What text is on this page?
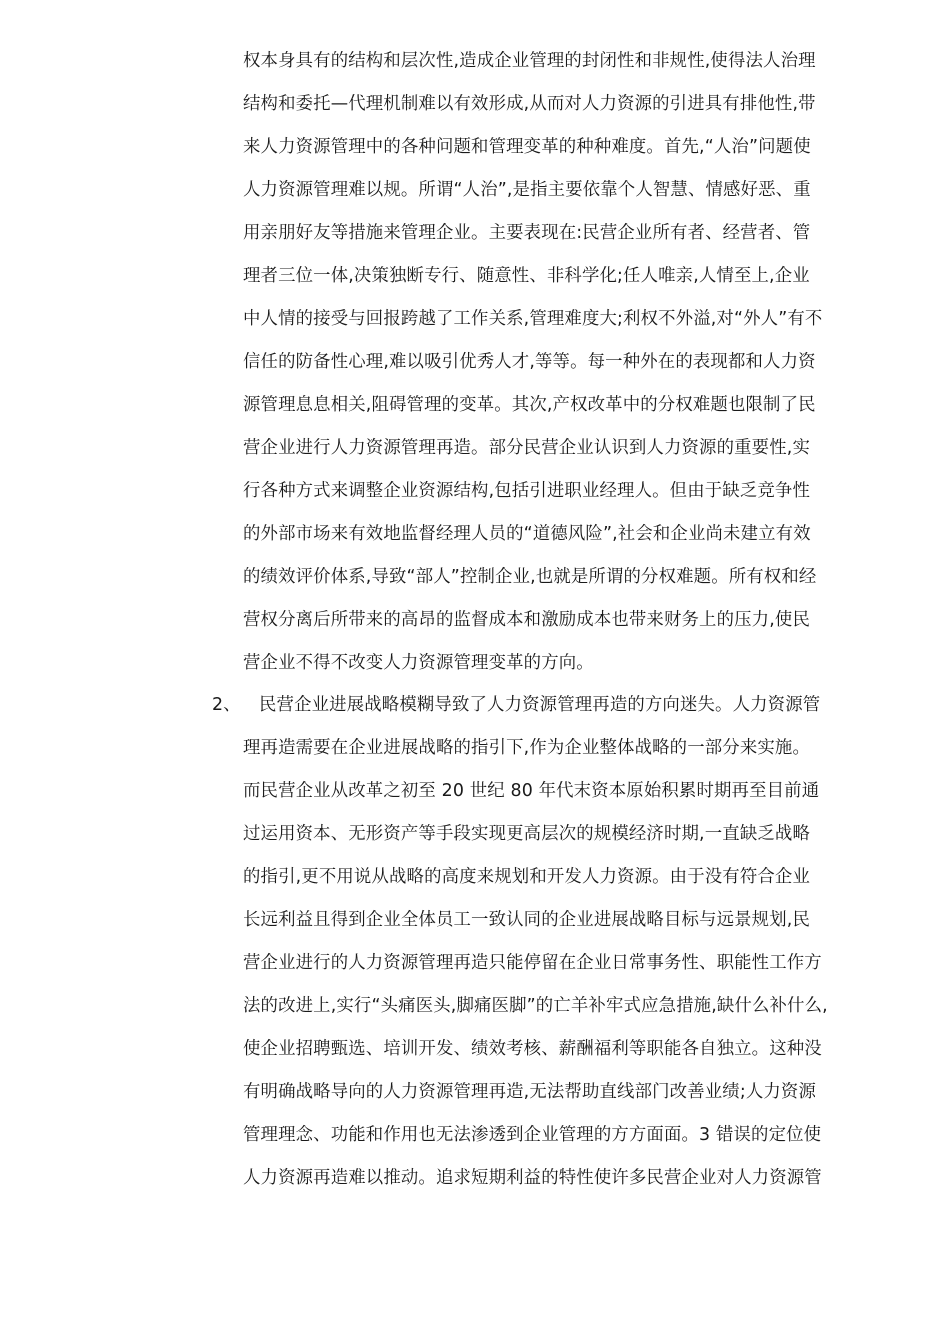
权本身具有的结构和层次性,造成企业管理的封闭性和非规性,使得法人治理
结构和委托—代理机制难以有效形成,从而对人力资源的引进具有排他性,带
来人力资源管理中的各种问题和管理变革的种种难度。首先,“人治”问题使
人力资源管理难以规。所谓“人治”,是指主要依靠个人智慧、情感好恶、重
用亲朋好友等措施来管理企业。主要表现在:民营企业所有者、经营者、管
理者三位一体,决策独断专行、随意性、非科学化;任人唯亲,人情至上,企业
中人情的接受与回报跨越了工作关系,管理难度大;利权不外溢,对“外人”有不
信任的防备性心理,难以吸引优秀人才,等等。每一种外在的表现都和人力资
源管理息息相关,阻碍管理的变革。其次,产权改革中的分权难题也限制了民
营企业进行人力资源管理再造。部分民营企业认识到人力资源的重要性,实
行各种方式来调整企业资源结构,包括引进职业经理人。但由于缺乏竞争性
的外部市场来有效地监督经理人员的“道德风险”,社会和企业尚未建立有效
的绩效评价体系,导致“部人”控制企业,也就是所谓的分权难题。所有权和经
营权分离后所带来的高昂的监督成本和激励成本也带来财务上的压力,使民
营企业不得不改变人力资源管理变革的方向。
2、 民营企业进展战略模糊导致了人力资源管理再造的方向迷失。人力资源管
理再造需要在企业进展战略的指引下,作为企业整体战略的一部分来实施。
而民营企业从改革之初至 20 世纪 80 年代末资本原始积累时期再至目前通
过运用资本、无形资产等手段实现更高层次的规模经济时期,一直缺乏战略
的指引,更不用说从战略的高度来规划和开发人力资源。由于没有符合企业
长远利益且得到企业全体员工一致认同的企业进展战略目标与远景规划,民
营企业进行的人力资源管理再造只能停留在企业日常事务性、职能性工作方
法的改进上,实行“头痛医头,脚痛医脚”的亡羊补牢式应急措施,缺什么补什么,
使企业招聘甄选、培训开发、绩效考核、薪酬福利等职能各自独立。这种没
有明确战略导向的人力资源管理再造,无法帮助直线部门改善业绩;人力资源
管理理念、功能和作用也无法渗透到企业管理的方方面面。3 错误的定位使
人力资源再造难以推动。追求短期利益的特性使许多民营企业对人力资源管
